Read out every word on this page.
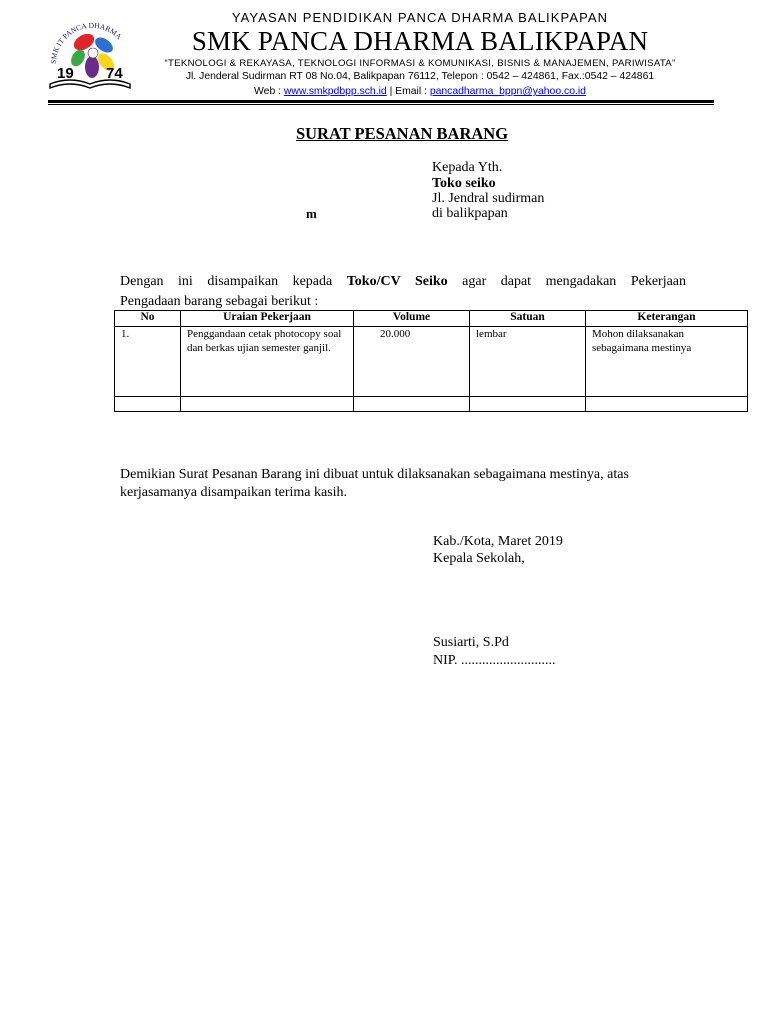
SMK IT PANCA DHARMA
19 74
YAYASAN PENDIDIKAN PANCA DHARMA BALIKPAPAN
SMK PANCA DHARMA BALIKPAPAN
“TEKNOLOGI & REKAYASA, TEKNOLOGI INFORMASI & KOMUNIKASI, BISNIS & MANAJEMEN, PARIWISATA”
Jl. Jenderal Sudirman RT 08 No.04, Balikpapan 76112, Telepon : 0542 – 424861, Fax.:0542 – 424861
Web : www.smkpdbpp.sch.id | Email : pancadharma_bppn@yahoo.co.id
SURAT PESANAN BARANG
Kepada Yth.
Toko seiko
Jl. Jendral sudirman
di balikpapan
m
Dengan ini disampaikan kepada Toko/CV Seiko agar dapat mengadakan Pekerjaan
Pengadaan barang sebagai berikut :
No	Uraian Pekerjaan	Volume	Satuan	Keterangan
1.	Penggandaan cetak photocopy soal dan berkas ujian semester ganjil.	20.000	lembar	Mohon dilaksanakan sebagaimana mestinya

Demikian Surat Pesanan Barang ini dibuat untuk dilaksanakan sebagaimana mestinya, atas
kerjasamanya disampaikan terima kasih.
Kab./Kota, Maret 2019
Kepala Sekolah,
Susiarti, S.Pd
NIP. ...........................
